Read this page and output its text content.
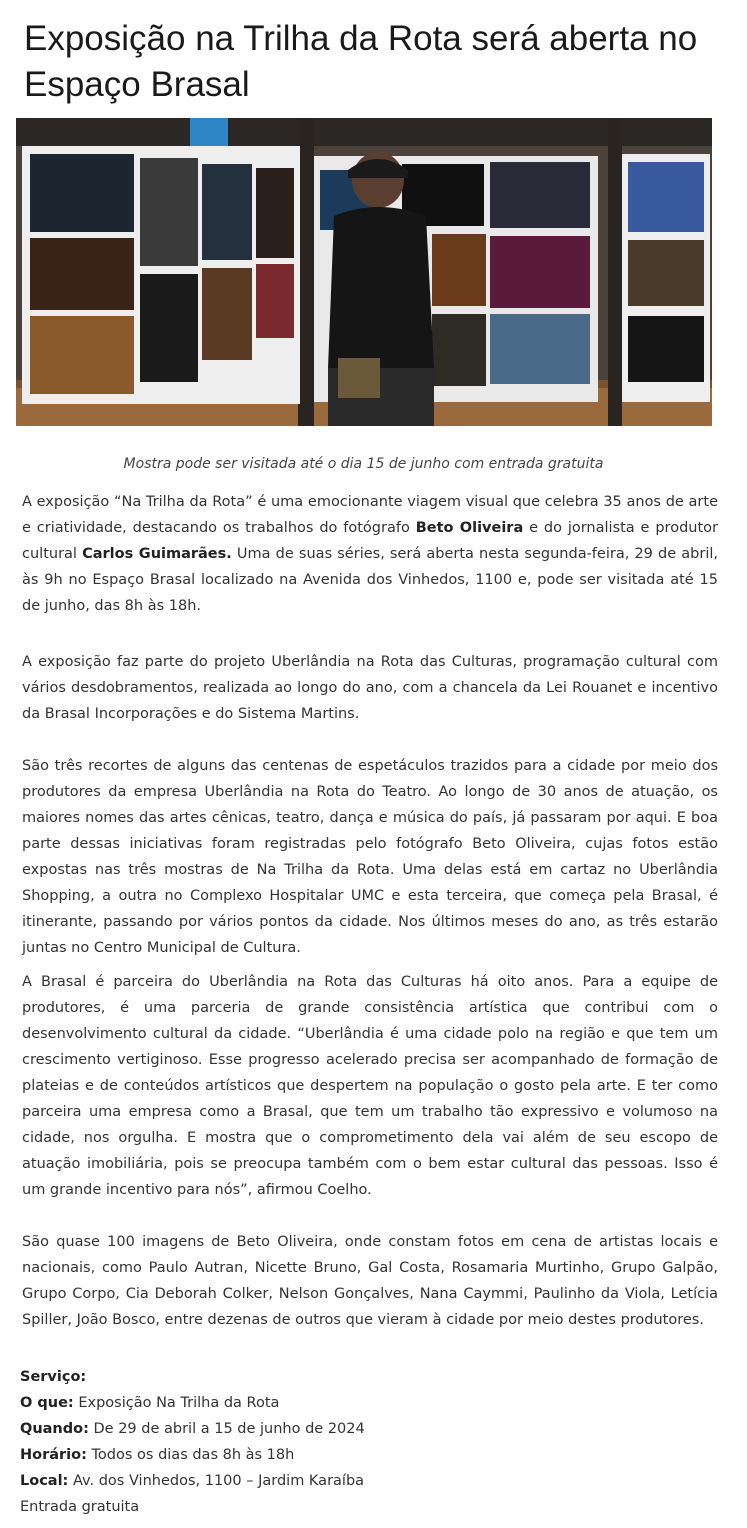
Exposição na Trilha da Rota será aberta no Espaço Brasal
Mostra pode ser visitada até o dia 15 de junho com entrada gratuita

A exposição “Na Trilha da Rota” é uma emocionante viagem visual que celebra 35 anos de arte e criatividade, destacando os trabalhos do fotógrafo Beto Oliveira e do jornalista e produtor cultural Carlos Guimarães. Uma de suas séries, será aberta nesta segunda-feira, 29 de abril, às 9h no Espaço Brasal localizado na Avenida dos Vinhedos, 1100 e, pode ser visitada até 15 de junho, das 8h às 18h.

A exposição faz parte do projeto Uberlândia na Rota das Culturas, programação cultural com vários desdobramentos, realizada ao longo do ano, com a chancela da Lei Rouanet e incentivo da Brasal Incorporações e do Sistema Martins.

São três recortes de alguns das centenas de espetáculos trazidos para a cidade por meio dos produtores da empresa Uberlândia na Rota do Teatro. Ao longo de 30 anos de atuação, os maiores nomes das artes cênicas, teatro, dança e música do país, já passaram por aqui. E boa parte dessas iniciativas foram registradas pelo fotógrafo Beto Oliveira, cujas fotos estão expostas nas três mostras de Na Trilha da Rota. Uma delas está em cartaz no Uberlândia Shopping, a outra no Complexo Hospitalar UMC e esta terceira, que começa pela Brasal, é itinerante, passando por vários pontos da cidade. Nos últimos meses do ano, as três estarão juntas no Centro Municipal de Cultura.

A Brasal é parceira do Uberlândia na Rota das Culturas há oito anos. Para a equipe de produtores, é uma parceria de grande consistência artística que contribui com o desenvolvimento cultural da cidade. “Uberlândia é uma cidade polo na região e que tem um crescimento vertiginoso. Esse progresso acelerado precisa ser acompanhado de formação de plateias e de conteúdos artísticos que despertem na população o gosto pela arte. E ter como parceira uma empresa como a Brasal, que tem um trabalho tão expressivo e volumoso na cidade, nos orgulha. E mostra que o comprometimento dela vai além de seu escopo de atuação imobiliária, pois se preocupa também com o bem estar cultural das pessoas. Isso é um grande incentivo para nós”, afirmou Coelho.

São quase 100 imagens de Beto Oliveira, onde constam fotos em cena de artistas locais e nacionais, como Paulo Autran, Nicette Bruno, Gal Costa, Rosamaria Murtinho, Grupo Galpão, Grupo Corpo, Cia Deborah Colker, Nelson Gonçalves, Nana Caymmi, Paulinho da Viola, Letícia Spiller, João Bosco, entre dezenas de outros que vieram à cidade por meio destes produtores.

Serviço:
O que: Exposição Na Trilha da Rota
Quando: De 29 de abril a 15 de junho de 2024
Horário: Todos os dias das 8h às 18h
Local: Av. dos Vinhedos, 1100 – Jardim Karaíba
Entrada gratuita
